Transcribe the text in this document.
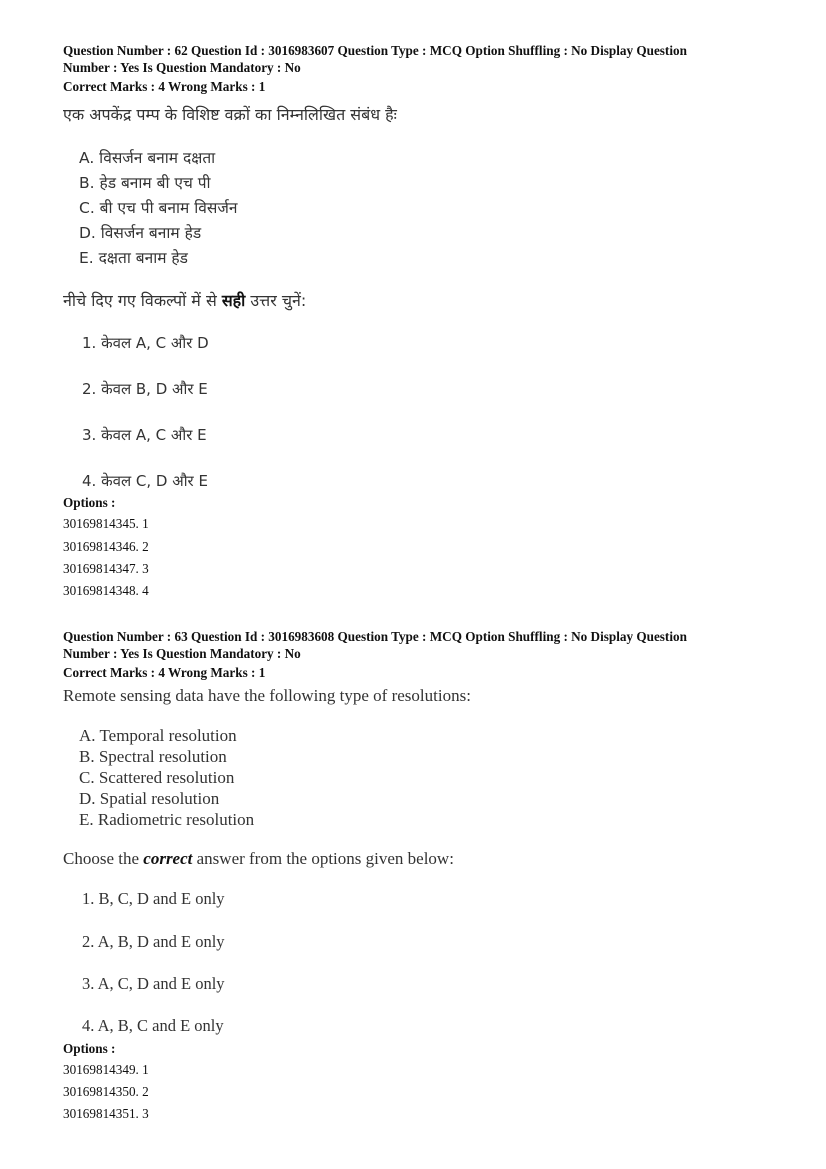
Question Number : 62 Question Id : 3016983607 Question Type : MCQ Option Shuffling : No Display Question
Number : Yes Is Question Mandatory : No
Correct Marks : 4 Wrong Marks : 1
एक अपकेंद्र पम्प के विशिष्ट वक्रों का निम्नलिखित संबंध हैः
A. विसर्जन बनाम दक्षता
B. हेड बनाम बी एच पी
C. बी एच पी बनाम विसर्जन
D. विसर्जन बनाम हेड
E. दक्षता बनाम हेड
नीचे दिए गए विकल्पों में से सही उत्तर चुनें:
1. केवल A, C और D
2. केवल B, D और E
3. केवल A, C और E
4. केवल C, D और E
Options :
30169814345. 1
30169814346. 2
30169814347. 3
30169814348. 4
Question Number : 63 Question Id : 3016983608 Question Type : MCQ Option Shuffling : No Display Question
Number : Yes Is Question Mandatory : No
Correct Marks : 4 Wrong Marks : 1
Remote sensing data have the following type of resolutions:
A. Temporal resolution
B. Spectral resolution
C. Scattered resolution
D. Spatial resolution
E. Radiometric resolution
Choose the correct answer from the options given below:
1. B, C, D and E only
2. A, B, D and E only
3. A, C, D and E only
4. A, B, C and E only
Options :
30169814349. 1
30169814350. 2
30169814351. 3
